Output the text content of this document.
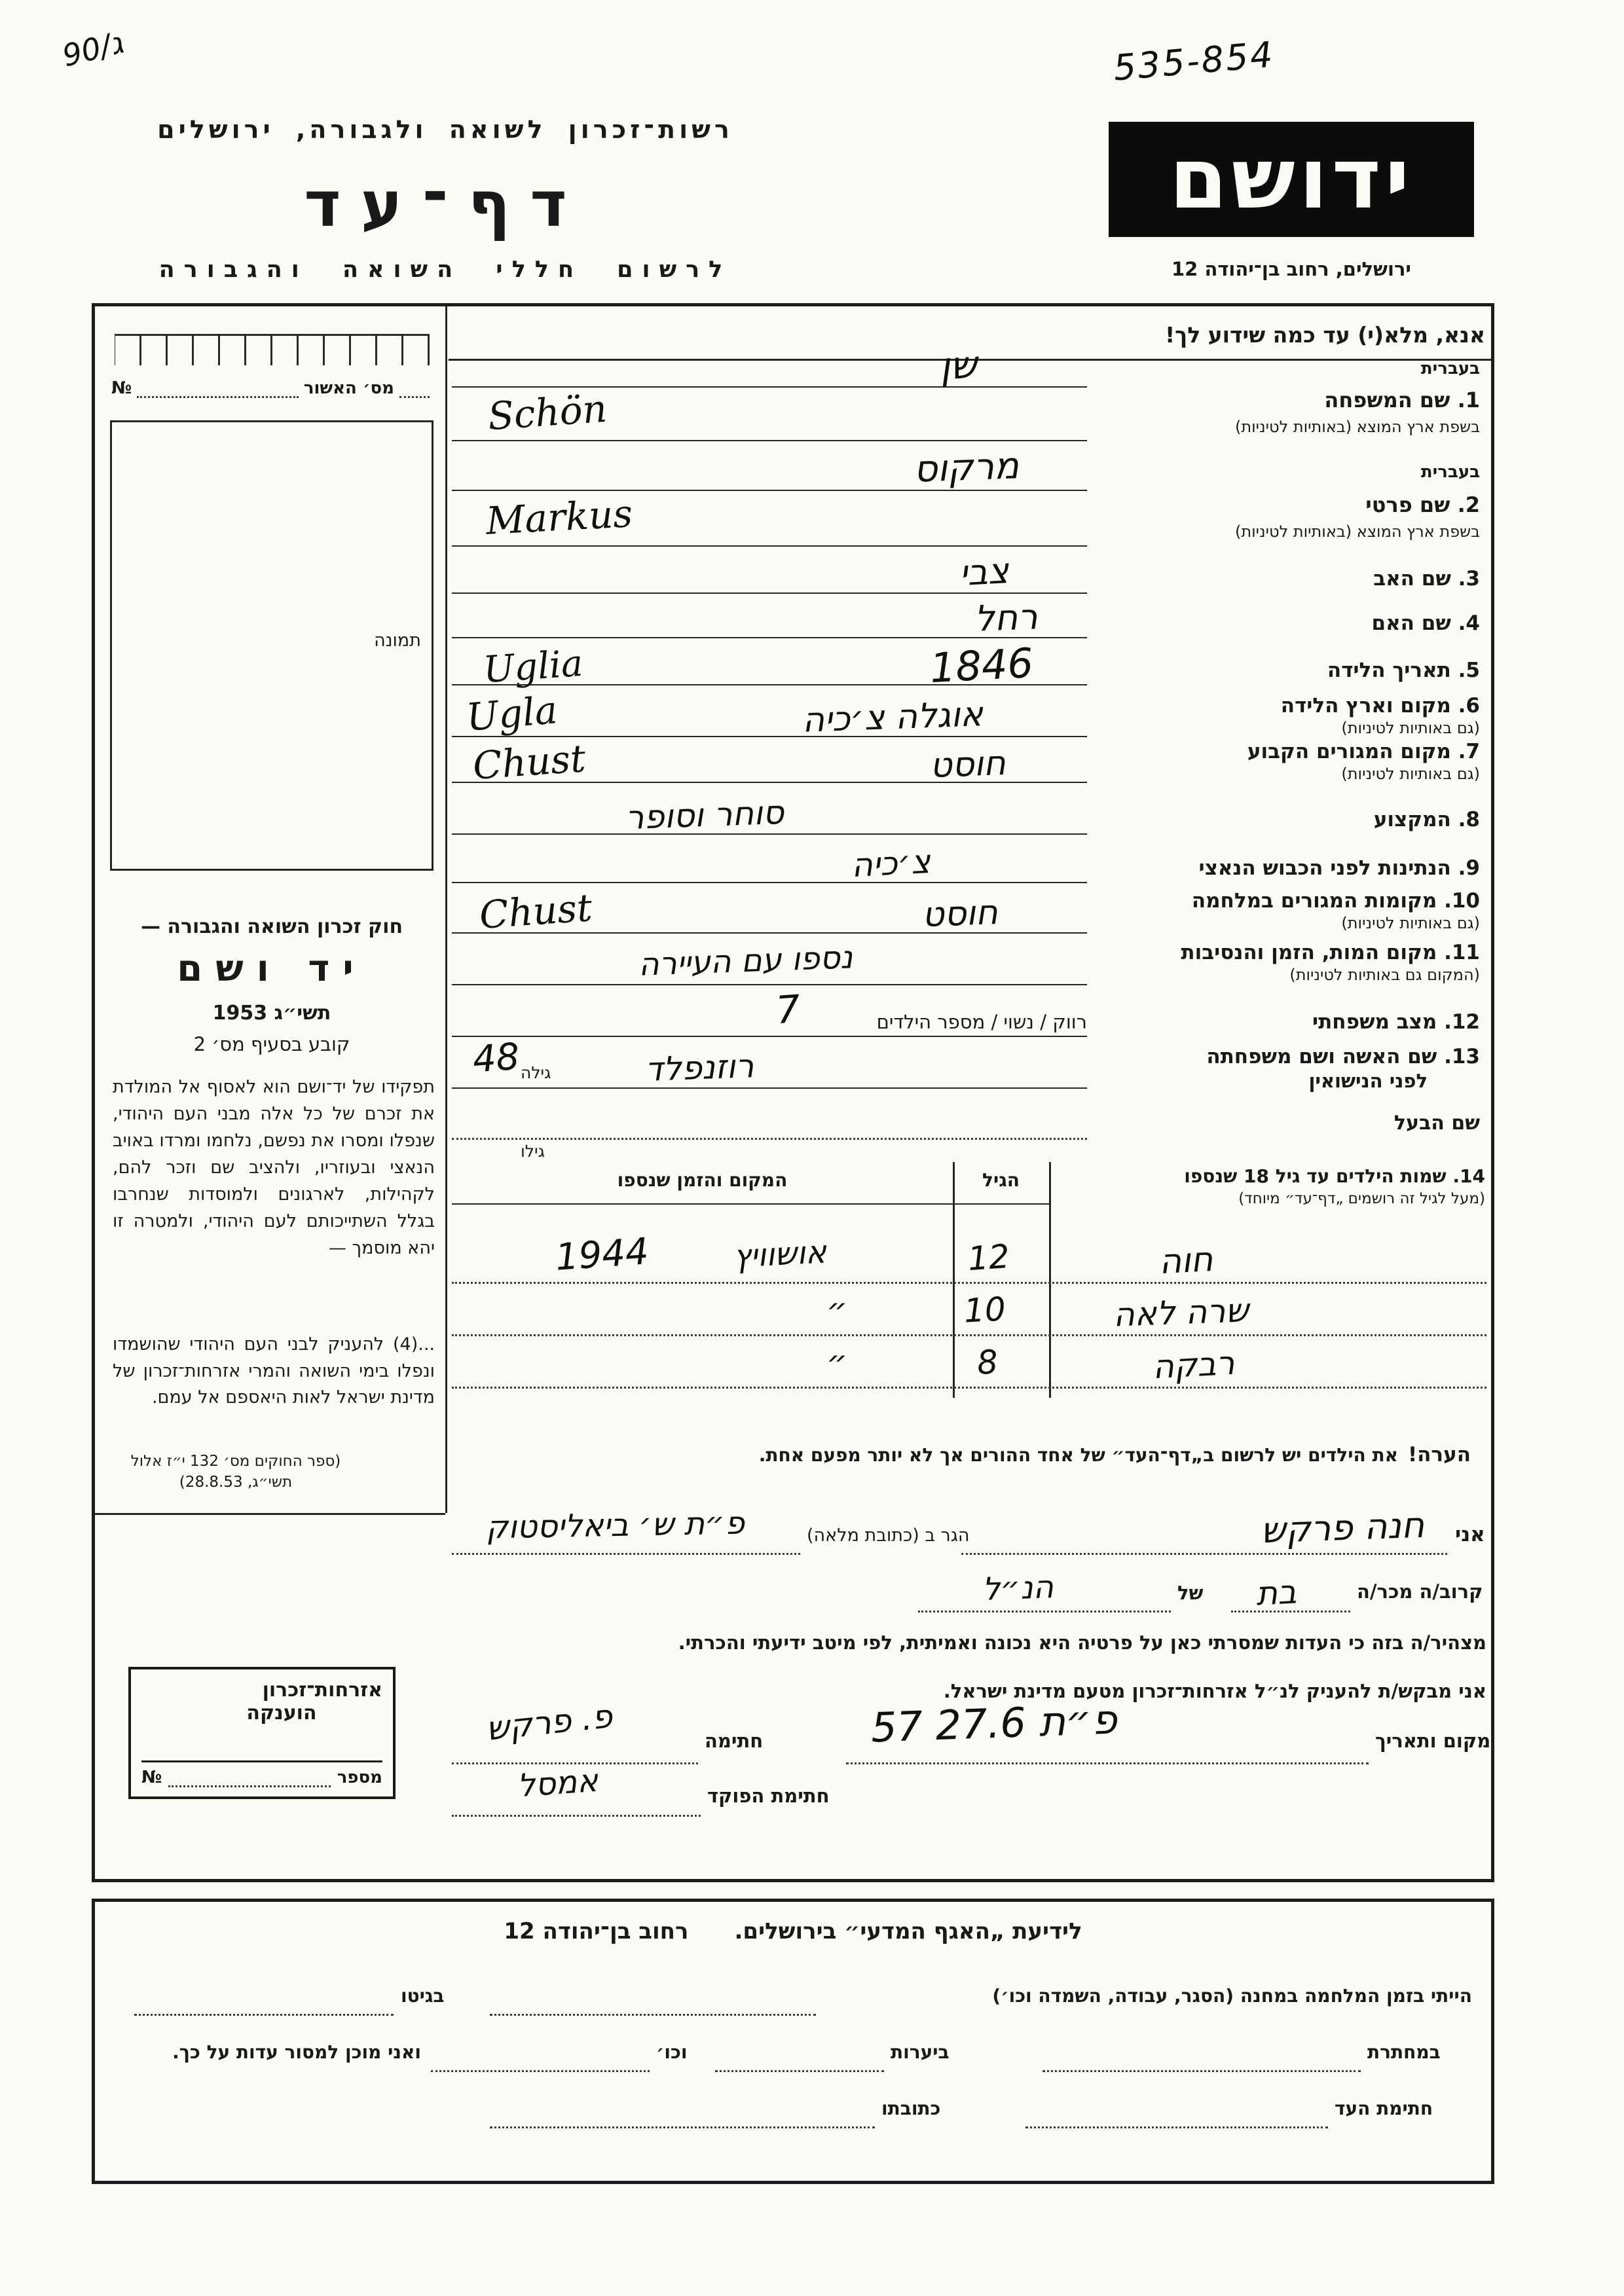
ג/90	535-854
רשות־זכרון לשואה ולגבורה, ירושלים
דף־עד
לרשום חללי השואה והגבורה
ידושם
ירושלים, רחוב בן־יהודה 12
אנא, מלא(י) עד כמה שידוע לך!
מס׳ האשור
№
תמונה
חוק זכרון השואה והגבורה —
יד ושם
תשי״ג 1953
קובע בסעיף מס׳ 2
תפקידו של יד־ושם הוא לאסוף אל המולדת את זכרם של כל אלה מבני העם היהודי, שנפלו ומסרו את נפשם, נלחמו ומרדו באויב הנאצי ובעוזריו, ולהציב שם וזכר להם, לקהילות, לארגונים ולמוסדות שנחרבו בגלל השתייכותם לעם היהודי, ולמטרה זו יהא מוסמך —
...(4) להעניק לבני העם היהודי שהושמדו ונפלו בימי השואה והמרי אזרחות־זכרון של מדינת ישראל לאות היאספם אל עמם.
(ספר החוקים מס׳ 132 י״ז אלול תשי״ג, 28.8.53)
אזרחות־זכרון
הוענקה
מספר
№
בעברית
1. שם המשפחה
בשפת ארץ המוצא (באותיות לטיניות)
שן
Schön
בעברית
2. שם פרטי
בשפת ארץ המוצא (באותיות לטיניות)
מרקוס
Markus
3. שם האב
צבי
4. שם האם
רחל
5. תאריך הלידה
1846
Uglia
6. מקום וארץ הלידה
(גם באותיות לטיניות)
אוגלה צ׳כיה
Ugla
7. מקום המגורים הקבוע
(גם באותיות לטיניות)
חוסט
Chust
8. המקצוע
סוחר וסופר
9. הנתינות לפני הכבוש הנאצי
צ׳כיה
10. מקומות המגורים במלחמה
(גם באותיות לטיניות)
חוסט
Chust
11. מקום המות, הזמן והנסיבות
(המקום גם באותיות לטיניות)
נספו עם העיירה
12. מצב משפחתי
רווק / נשוי / מספר הילדים
7
13. שם האשה ושם משפחתה
לפני הנישואין
רוזנפלד
גילה
48
שם הבעל
גילו
הגיל
המקום והזמן שנספו	14. שמות הילדים עד גיל 18 שנספו
(מעל לגיל זה רושמים „דף־עד״ מיוחד)
חוה
12
אושוויץ
1944
שרה לאה
10
״
רבקה
8
״
הערה!
את הילדים יש לרשום ב„דף־העד״ של אחד ההורים אך לא יותר מפעם אחת.
אני
חנה פרקש
הגר ב (כתובת מלאה)
פ״ת ש׳ ביאליסטוק
קרוב/ה מכר/ה
בת
של
הנ״ל
מצהיר/ה בזה כי העדות שמסרתי כאן על פרטיה היא נכונה ואמיתית, לפי מיטב ידיעתי והכרתי.
אני מבקש/ת להעניק לנ״ל אזרחות־זכרון מטעם מדינת ישראל.
מקום ותאריך
פ״ת 27.6 57
חתימה
פ. פרקש
חתימת הפוקד
אמסל
לידיעת „האגף המדעי״ בירושלים.
רחוב בן־יהודה 12
הייתי בזמן המלחמה במחנה (הסגר, עבודה, השמדה וכו׳)
בגיטו
במחתרת
ביערות
וכו׳
ואני מוכן למסור עדות על כך.
חתימת העד
כתובתו
